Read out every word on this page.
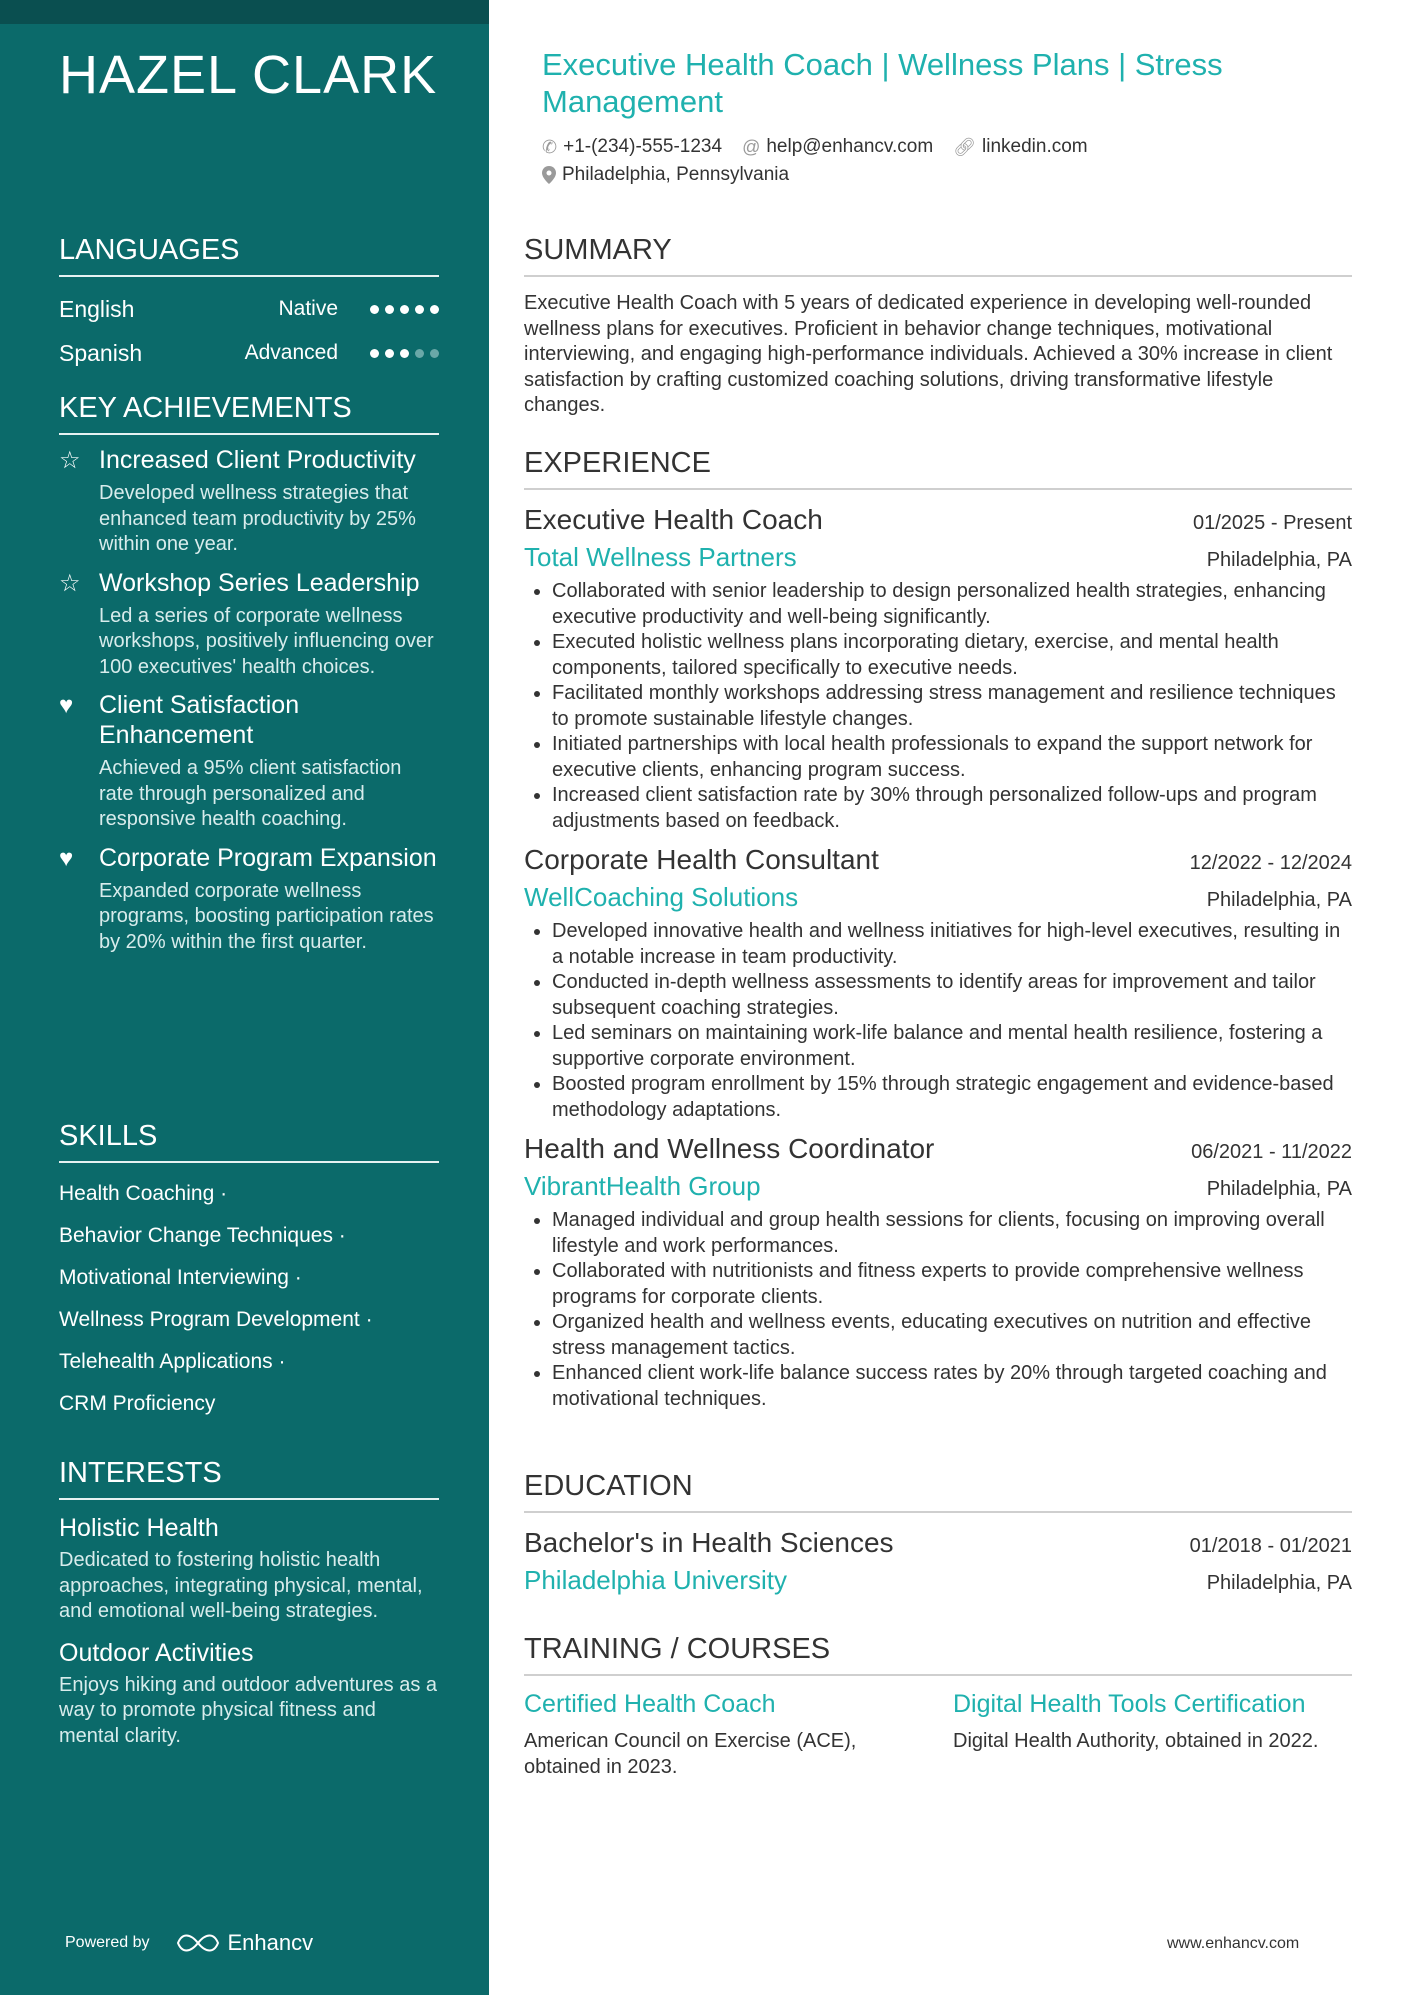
HAZEL CLARK
LANGUAGES
English	Native
Spanish	Advanced
KEY ACHIEVEMENTS
☆ Increased Client Productivity
Developed wellness strategies that enhanced team productivity by 25% within one year.
☆ Workshop Series Leadership
Led a series of corporate wellness workshops, positively influencing over 100 executives' health choices.
♥	Client Satisfaction Enhancement
Achieved a 95% client satisfaction rate through personalized and responsive health coaching.
♥	Corporate Program Expansion
Expanded corporate wellness programs, boosting participation rates by 20% within the first quarter.
SKILLS
Health Coaching ·
Behavior Change Techniques ·
Motivational Interviewing ·
Wellness Program Development ·
Telehealth Applications ·
CRM Proficiency
INTERESTS
Holistic Health
Dedicated to fostering holistic health approaches, integrating physical, mental, and emotional well-being strategies.
Outdoor Activities
Enjoys hiking and outdoor adventures as a way to promote physical fitness and mental clarity.
Powered by	Enhancv
Executive Health Coach | Wellness Plans | Stress Management
✆ +1-(234)-555-1234 @ help@enhancv.com 🔗︎ linkedin.com
Philadelphia, Pennsylvania
SUMMARY
Executive Health Coach with 5 years of dedicated experience in developing well-rounded wellness plans for executives. Proficient in behavior change techniques, motivational interviewing, and engaging high-performance individuals. Achieved a 30% increase in client satisfaction by crafting customized coaching solutions, driving transformative lifestyle changes.
EXPERIENCE
Executive Health Coach	01/2025 - Present
Total Wellness Partners	Philadelphia, PA
• Collaborated with senior leadership to design personalized health strategies, enhancing executive productivity and well-being significantly.
• Executed holistic wellness plans incorporating dietary, exercise, and mental health components, tailored specifically to executive needs.
• Facilitated monthly workshops addressing stress management and resilience techniques to promote sustainable lifestyle changes.
• Initiated partnerships with local health professionals to expand the support network for executive clients, enhancing program success.
• Increased client satisfaction rate by 30% through personalized follow-ups and program adjustments based on feedback.
Corporate Health Consultant	12/2022 - 12/2024
WellCoaching Solutions	Philadelphia, PA
• Developed innovative health and wellness initiatives for high-level executives, resulting in a notable increase in team productivity.
• Conducted in-depth wellness assessments to identify areas for improvement and tailor subsequent coaching strategies.
• Led seminars on maintaining work-life balance and mental health resilience, fostering a supportive corporate environment.
• Boosted program enrollment by 15% through strategic engagement and evidence-based methodology adaptations.
Health and Wellness Coordinator	06/2021 - 11/2022
VibrantHealth Group	Philadelphia, PA
• Managed individual and group health sessions for clients, focusing on improving overall lifestyle and work performances.
• Collaborated with nutritionists and fitness experts to provide comprehensive wellness programs for corporate clients.
• Organized health and wellness events, educating executives on nutrition and effective stress management tactics.
• Enhanced client work-life balance success rates by 20% through targeted coaching and motivational techniques.
EDUCATION
Bachelor's in Health Sciences	01/2018 - 01/2021
Philadelphia University	Philadelphia, PA
TRAINING / COURSES
Certified Health Coach
American Council on Exercise (ACE), obtained in 2023.
Digital Health Tools Certification
Digital Health Authority, obtained in 2022.
www.enhancv.com
